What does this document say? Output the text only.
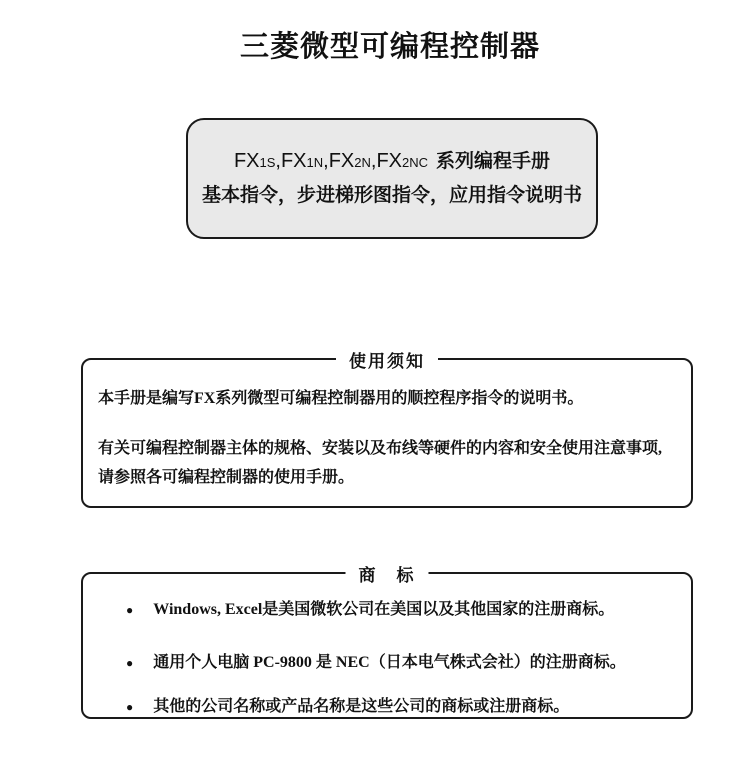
三菱微型可编程控制器
FX1S,FX1N,FX2N,FX2NC 系列编程手册
基本指令，步进梯形图指令，应用指令说明书
使用须知

本手册是编写FX系列微型可编程控制器用的顺控程序指令的说明书。

有关可编程控制器主体的规格、安装以及布线等硬件的内容和安全使用注意事项, 请参照各可编程控制器的使用手册。

商　标
● Windows, Excel是美国微软公司在美国以及其他国家的注册商标。
● 通用个人电脑 PC-9800 是 NEC（日本电气株式会社）的注册商标。
● 其他的公司名称或产品名称是这些公司的商标或注册商标。
